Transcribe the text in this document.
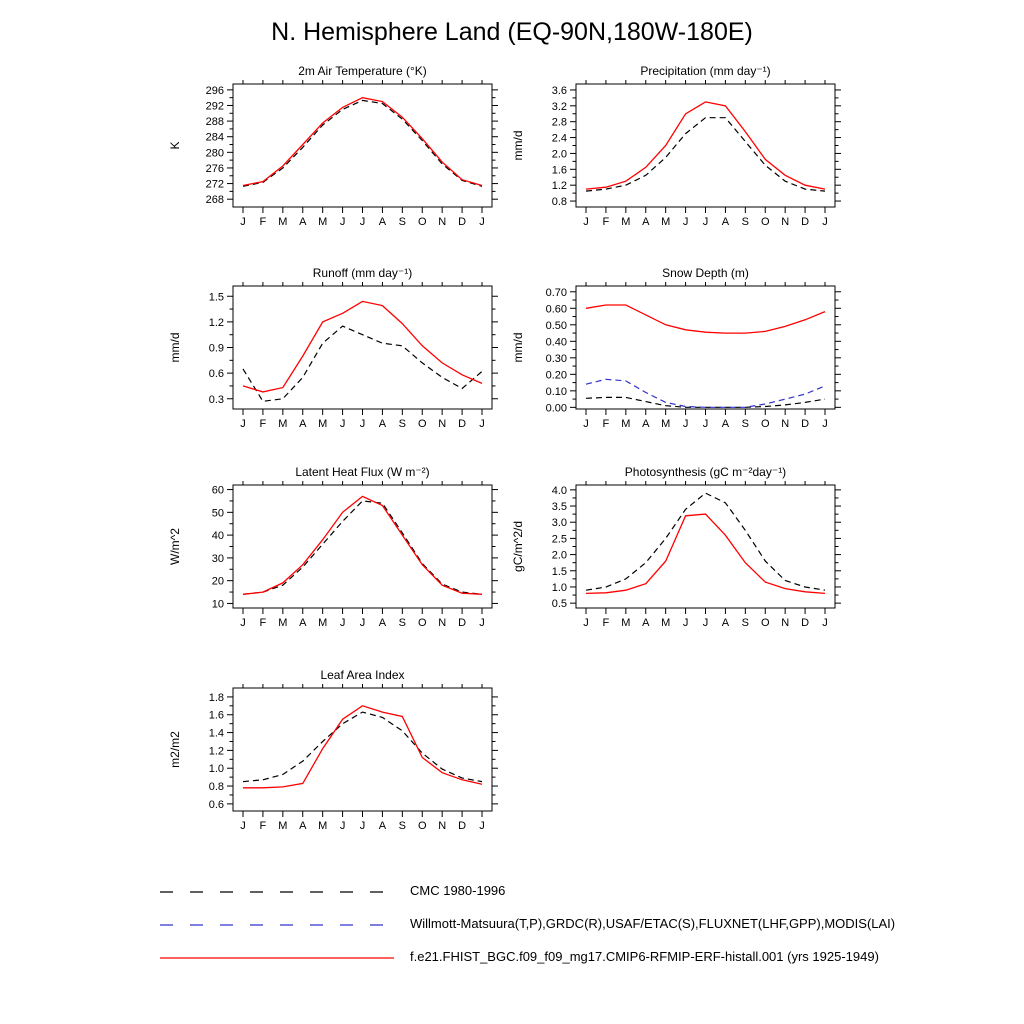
N. Hemisphere Land (EQ-90N,180W-180E)
2m Air Temperature (°K)
K
268
272
276
280
284
288
292
296
J F M A M J J A S O N D J
Precipitation (mm day⁻¹)
mm/d
0.8
1.2
1.6
2.0
2.4
2.8
3.2
3.6
J F M A M J J A S O N D J
Runoff (mm day⁻¹)
mm/d
0.3
0.6
0.9
1.2
1.5
J F M A M J J A S O N D J
Snow Depth (m)
mm/d
0.00
0.10
0.20
0.30
0.40
0.50
0.60
0.70
J F M A M J J A S O N D J
Latent Heat Flux (W m⁻²)
W/m^2
10
20
30
40
50
60
J F M A M J J A S O N D J
Photosynthesis (gC m⁻²day⁻¹)
gC/m^2/d
0.5
1.0
1.5
2.0
2.5
3.0
3.5
4.0
J F M A M J J A S O N D J
Leaf Area Index
m2/m2
0.6
0.8
1.0
1.2
1.4
1.6
1.8
J F M A M J J A S O N D J
CMC 1980-1996
Willmott-Matsuura(T,P),GRDC(R),USAF/ETAC(S),FLUXNET(LHF,GPP),MODIS(LAI)
f.e21.FHIST_BGC.f09_f09_mg17.CMIP6-RFMIP-ERF-histall.001 (yrs 1925-1949)
